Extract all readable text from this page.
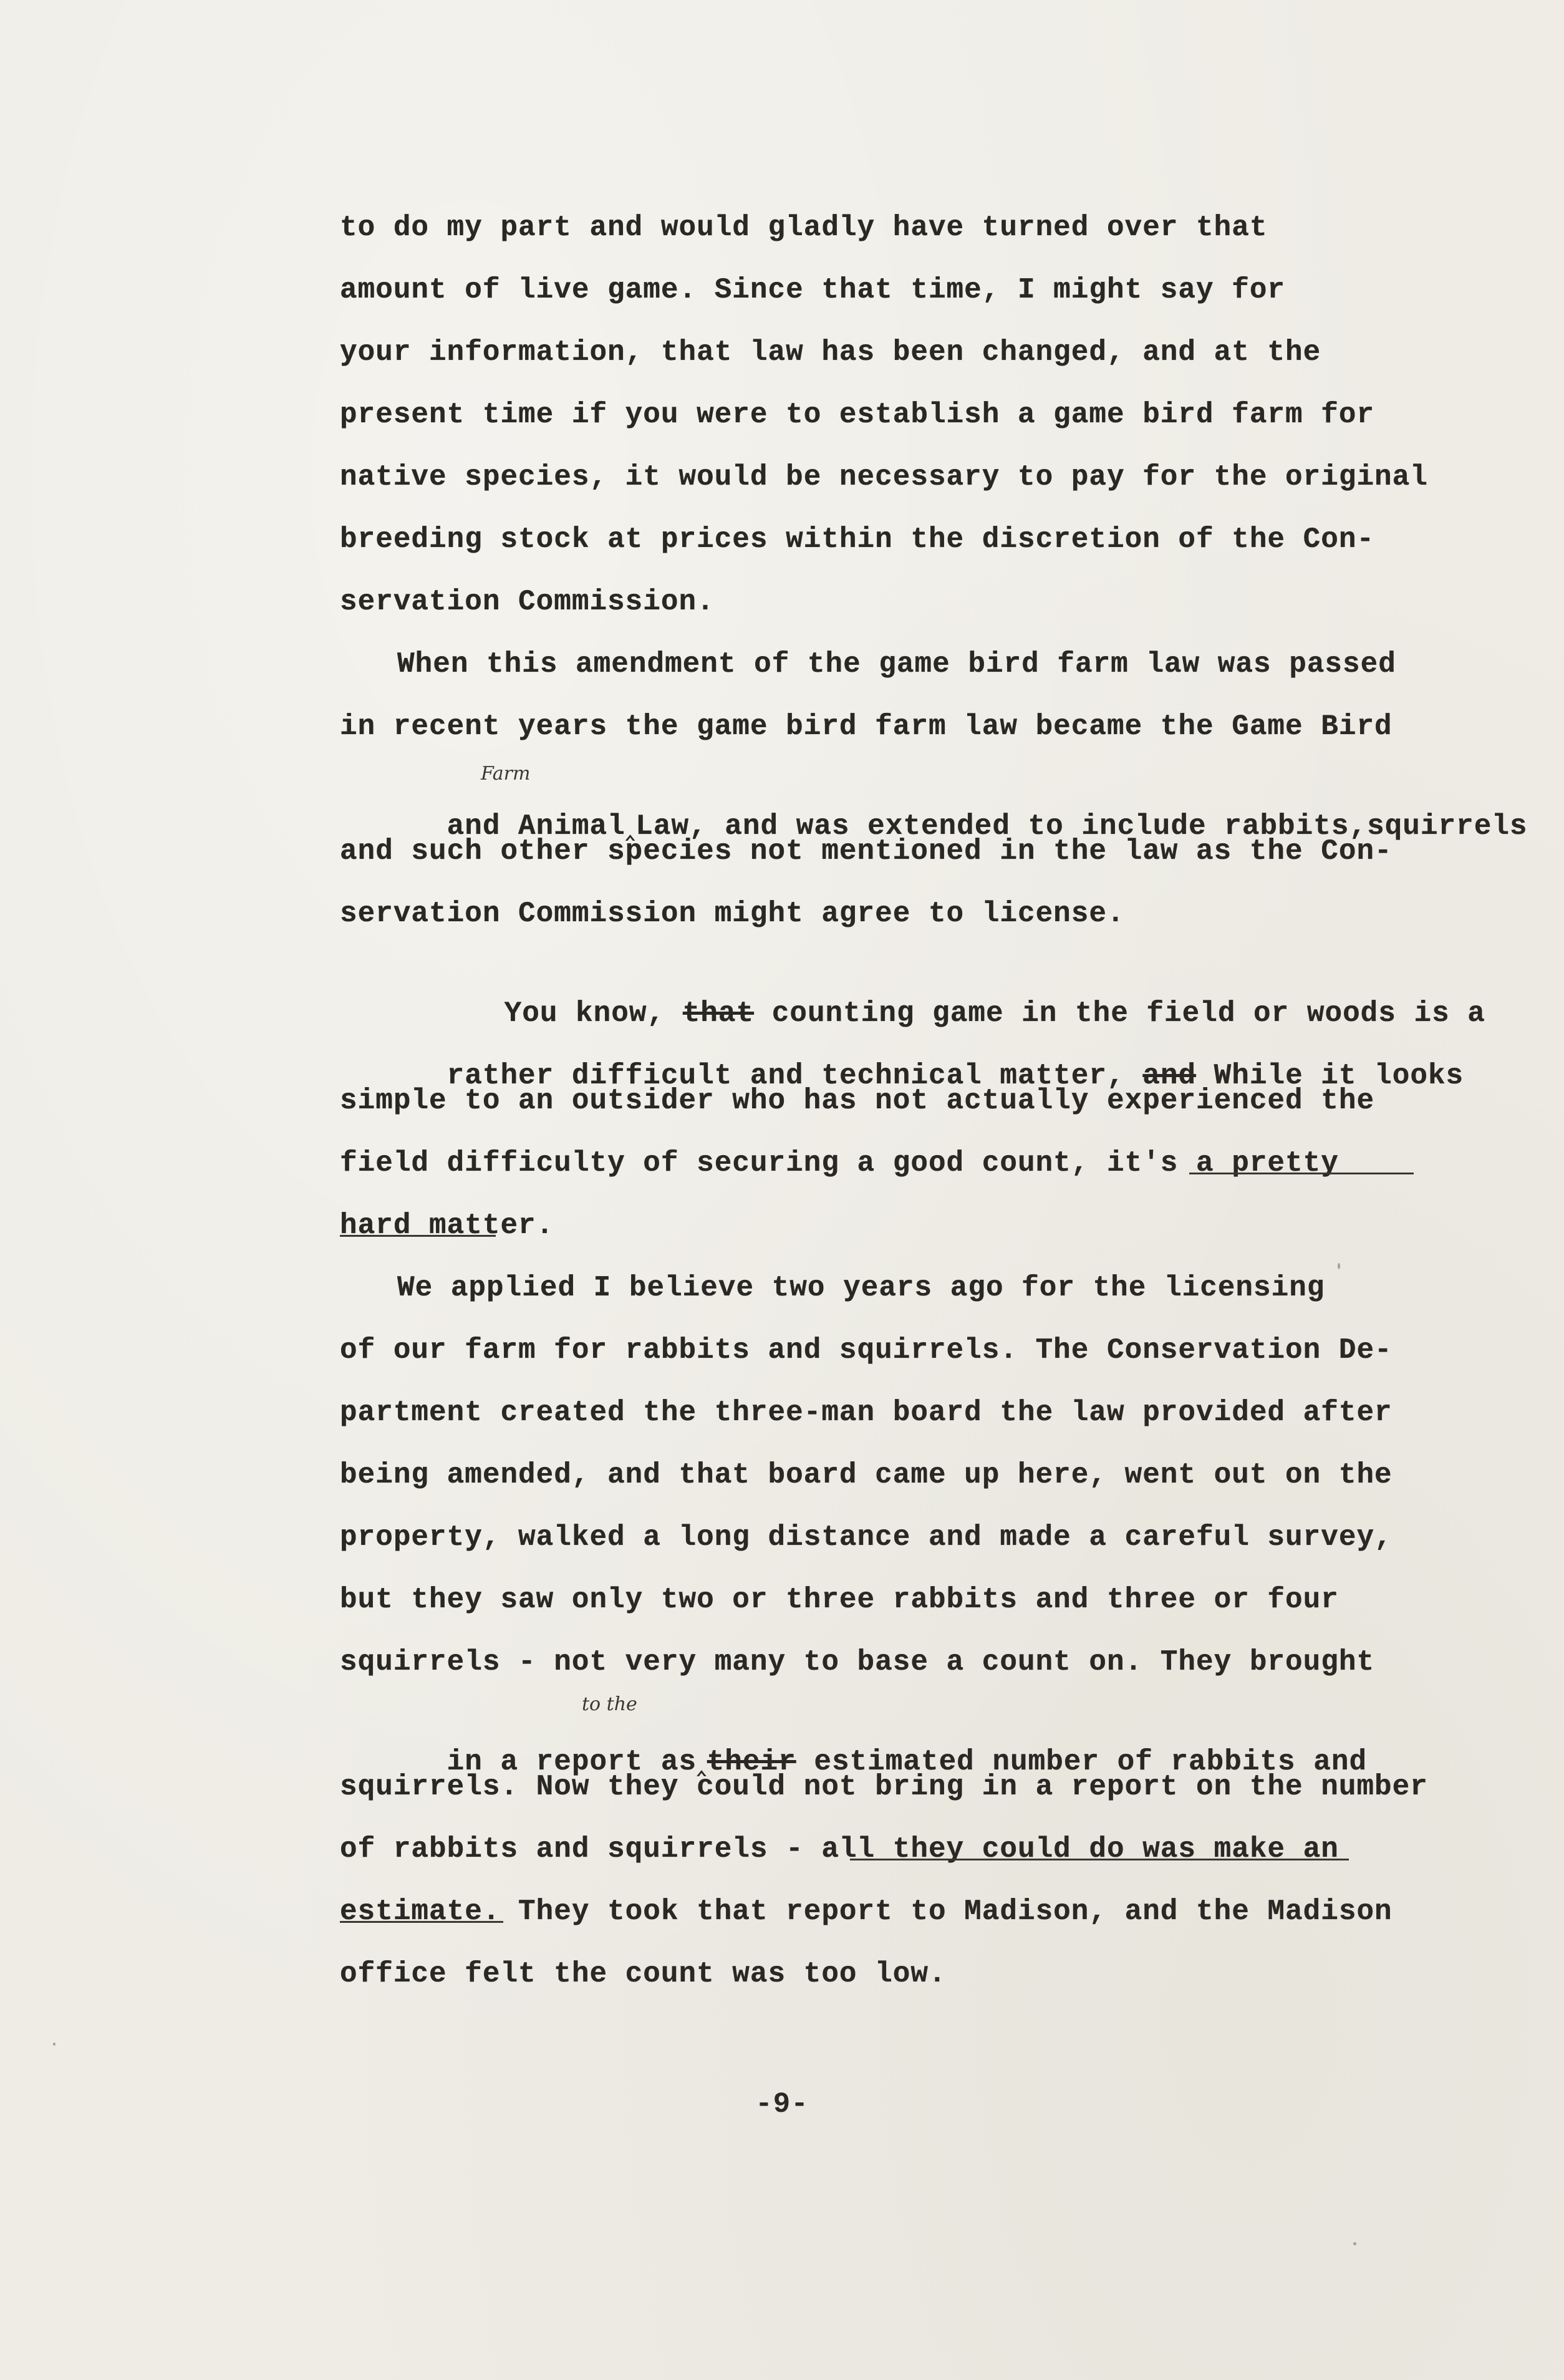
to do my part and would gladly have turned over that
amount of live game. Since that time, I might say for
your information, that law has been changed, and at the
present time if you were to establish a game bird farm for
native species, it would be necessary to pay for the original
breeding stock at prices within the discretion of the Con-
servation Commission.
When this amendment of the game bird farm law was passed
in recent years the game bird farm law became the Game Bird

and Animal‸Law, and was extended to include rabbits,squirrels

Farm
and such other species not mentioned in the law as the Con-
servation Commission might agree to license.

You know, that counting game in the field or woods is a

rather difficult and technical matter, and While it looks

simple to an outsider who has not actually experienced the
field difficulty of securing a good count, it's a pretty
hard matter.
We applied I believe two years ago for the licensing
of our farm for rabbits and squirrels. The Conservation De-
partment created the three-man board the law provided after
being amended, and that board came up here, went out on the
property, walked a long distance and made a careful survey,
but they saw only two or three rabbits and three or four
squirrels - not very many to base a count on. They brought

in a report as‸their estimated number of rabbits and

to the
squirrels. Now they could not bring in a report on the number
of rabbits and squirrels - all they could do was make an
estimate. They took that report to Madison, and the Madison
office felt the count was too low.
-9-
